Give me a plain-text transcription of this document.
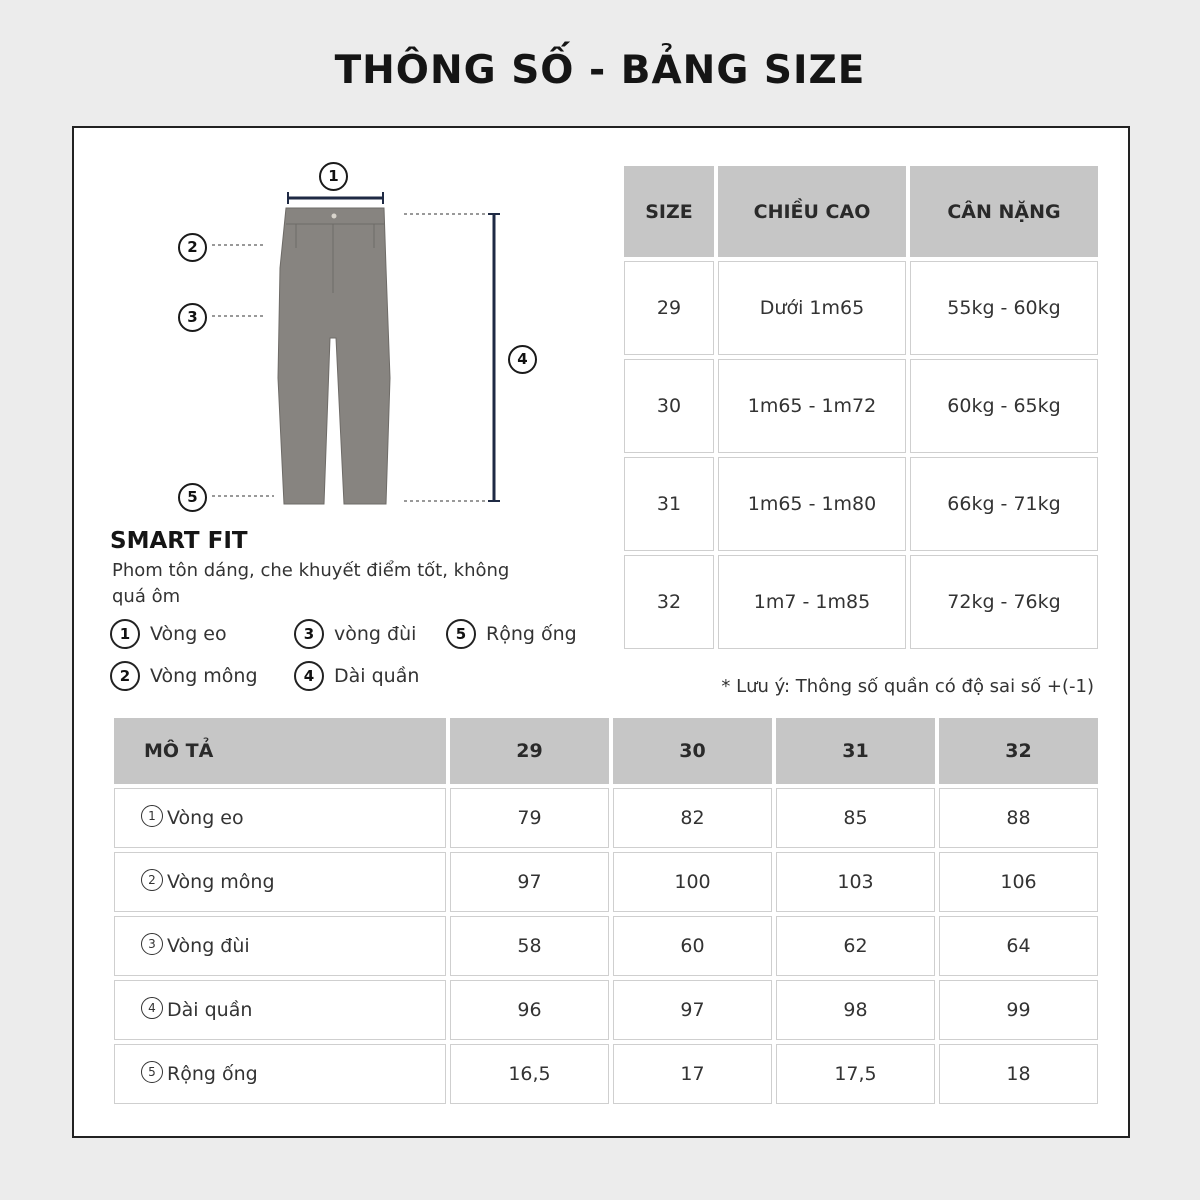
THÔNG SỐ - BẢNG SIZE
1
2
3
4
5
SMART FIT
Phom tôn dáng, che khuyết điểm tốt, không quá ôm
1	Vòng eo	3	vòng đùi	5	Rộng ống
2	Vòng mông	4	Dài quần
SIZE	CHIỀU CAO	CÂN NẶNG
29	Dưới 1m65	55kg - 60kg
30	1m65 - 1m72	60kg - 65kg
31	1m65 - 1m80	66kg - 71kg
32	1m7 - 1m85	72kg - 76kg
* Lưu ý: Thông số quần có độ sai số +(-1)
MÔ TẢ	29	30	31	32
1 Vòng eo	79	82	85	88
2 Vòng mông	97	100	103	106
3 Vòng đùi	58	60	62	64
4 Dài quần	96	97	98	99
5 Rộng ống	16,5	17	17,5	18
